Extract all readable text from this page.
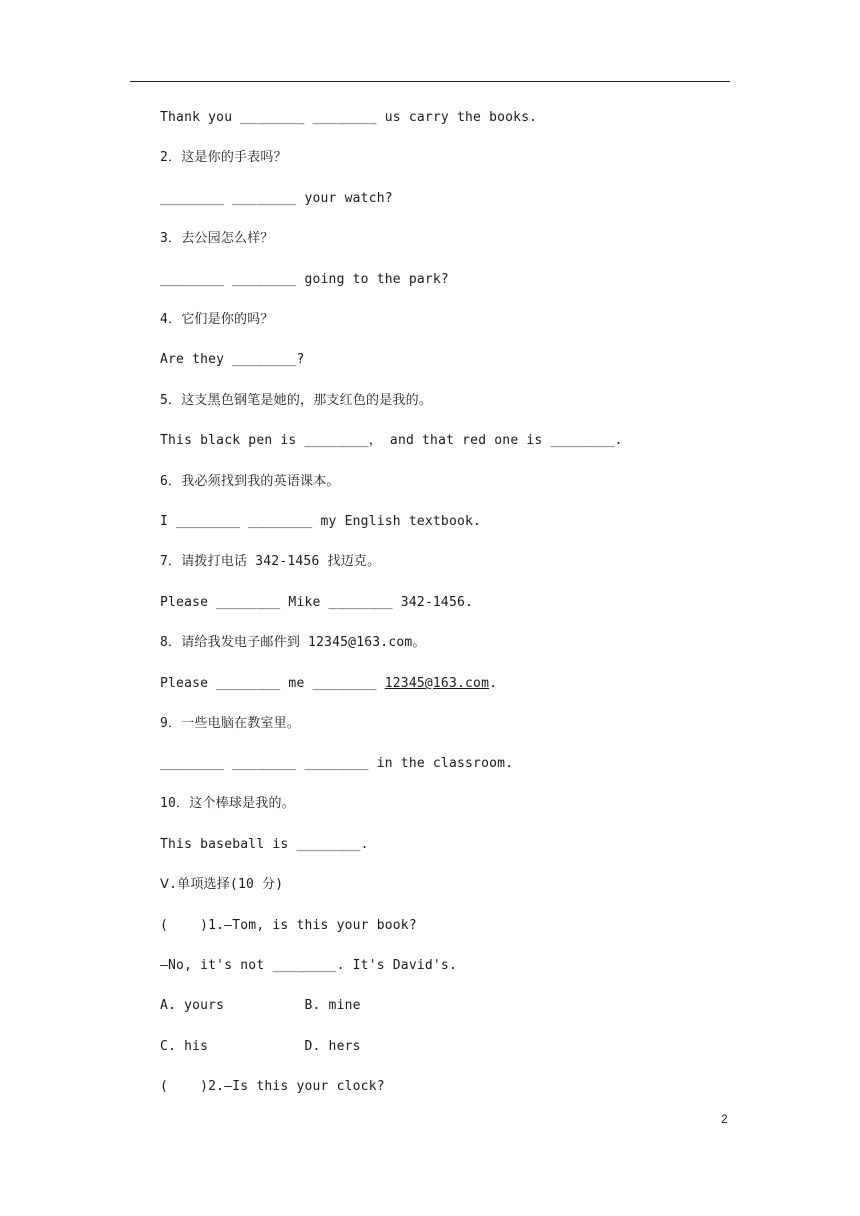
Thank you ________ ________ us carry the books.
2．这是你的手表吗？
________ ________ your watch?
3．去公园怎么样？
________ ________ going to the park?
4．它们是你的吗？
Are they ________?
5．这支黑色钢笔是她的，那支红色的是我的。
This black pen is ________， and that red one is ________.
6．我必须找到我的英语课本。
I ________ ________ my English textbook.
7．请拨打电话 342-1456 找迈克。
Please ________ Mike ________ 342-1456.
8．请给我发电子邮件到 12345@163.com。
Please ________ me ________ 12345@163.com.
9．一些电脑在教室里。
________ ________ ________ in the classroom.
10．这个棒球是我的。
This baseball is ________.
Ⅴ.单项选择(10 分)
(    )1.—Tom, is this your book?
—No, it's not ________. It's David's.
A. yours          B. mine
C. his            D. hers
(    )2.—Is this your clock?
2
